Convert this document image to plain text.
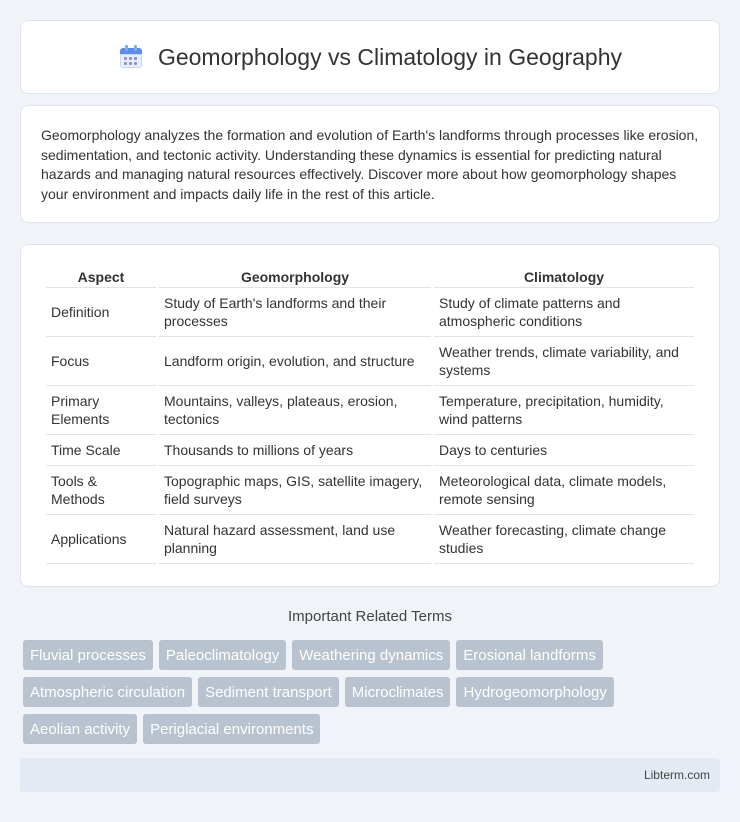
Geomorphology vs Climatology in Geography

Geomorphology analyzes the formation and evolution of Earth's landforms through processes like erosion, sedimentation, and tectonic activity. Understanding these dynamics is essential for predicting natural hazards and managing natural resources effectively. Discover more about how geomorphology shapes your environment and impacts daily life in the rest of this article.

Aspect	Geomorphology	Climatology
Definition	Study of Earth's landforms and their processes	Study of climate patterns and atmospheric conditions
Focus	Landform origin, evolution, and structure	Weather trends, climate variability, and systems
Primary Elements	Mountains, valleys, plateaus, erosion, tectonics	Temperature, precipitation, humidity, wind patterns
Time Scale	Thousands to millions of years	Days to centuries
Tools & Methods	Topographic maps, GIS, satellite imagery, field surveys	Meteorological data, climate models, remote sensing
Applications	Natural hazard assessment, land use planning	Weather forecasting, climate change studies
Important Related Terms
Fluvial processes	Paleoclimatology	Weathering dynamics	Erosional landforms
Atmospheric circulation	Sediment transport	Microclimates	Hydrogeomorphology
Aeolian activity	Periglacial environments
Libterm.com
